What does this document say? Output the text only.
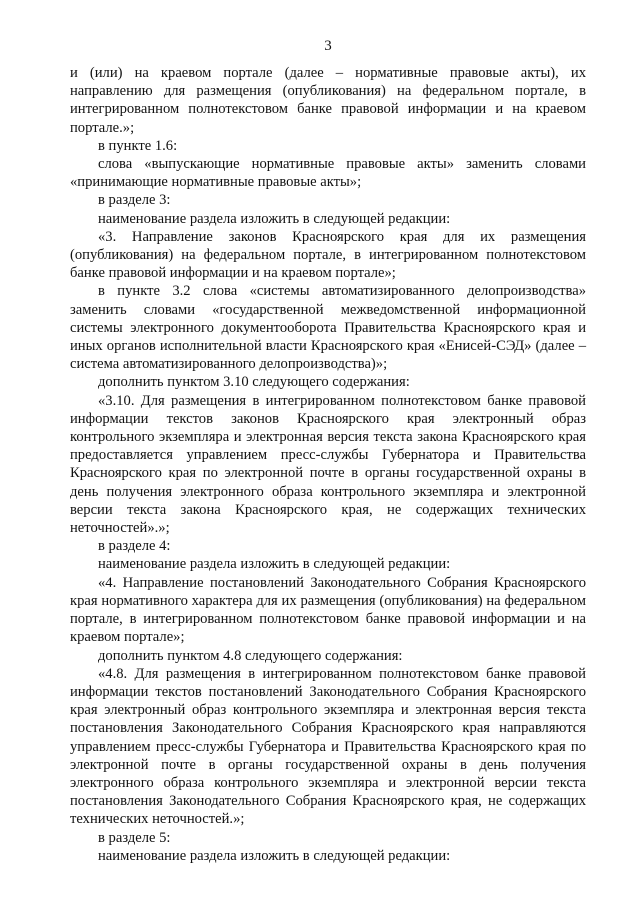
3

и (или) на краевом портале (далее – нормативные правовые акты), их направлению для размещения (опубликования) на федеральном портале, в интегрированном полнотекстовом банке правовой информации и на краевом портале.»;

в пункте 1.6:

слова «выпускающие нормативные правовые акты» заменить словами «принимающие нормативные правовые акты»;

в разделе 3:

наименование раздела изложить в следующей редакции:

«3. Направление законов Красноярского края для их размещения (опубликования) на федеральном портале, в интегрированном полнотекстовом банке правовой информации и на краевом портале»;

в пункте 3.2 слова «системы автоматизированного делопроизводства» заменить словами «государственной межведомственной информационной системы электронного документооборота Правительства Красноярского края и иных органов исполнительной власти Красноярского края «Енисей-СЭД» (далее – система автоматизированного делопроизводства)»;

дополнить пунктом 3.10 следующего содержания:

«3.10. Для размещения в интегрированном полнотекстовом банке правовой информации текстов законов Красноярского края электронный образ контрольного экземпляра и электронная версия текста закона Красноярского края предоставляется управлением пресс-службы Губернатора и Правительства Красноярского края по электронной почте в органы государственной охраны в день получения электронного образа контрольного экземпляра и электронной версии текста закона Красноярского края, не содержащих технических неточностей».»;

в разделе 4:

наименование раздела изложить в следующей редакции:

«4. Направление постановлений Законодательного Собрания Красноярского края нормативного характера для их размещения (опубликования) на федеральном портале, в интегрированном полнотекстовом банке правовой информации и на краевом портале»;

дополнить пунктом 4.8 следующего содержания:

«4.8. Для размещения в интегрированном полнотекстовом банке правовой информации текстов постановлений Законодательного Собрания Красноярского края электронный образ контрольного экземпляра и электронная версия текста постановления Законодательного Собрания Красноярского края направляются управлением пресс-службы Губернатора и Правительства Красноярского края по электронной почте в органы государственной охраны в день получения электронного образа контрольного экземпляра и электронной версии текста постановления Законодательного Собрания Красноярского края, не содержащих технических неточностей.»;

в разделе 5:

наименование раздела изложить в следующей редакции:
